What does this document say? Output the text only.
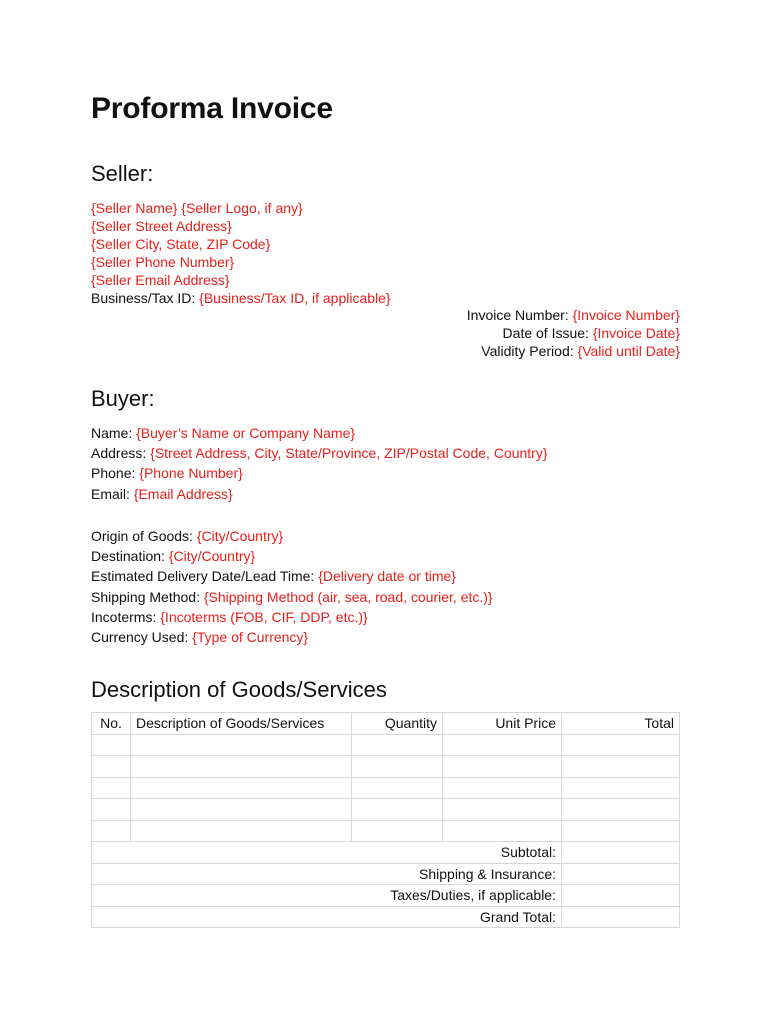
Proforma Invoice
Seller:
{Seller Name} {Seller Logo, if any}
{Seller Street Address}
{Seller City, State, ZIP Code}
{Seller Phone Number}
{Seller Email Address}
Business/Tax ID: {Business/Tax ID, if applicable}
Invoice Number: {Invoice Number}
Date of Issue: {Invoice Date}
Validity Period: {Valid until Date}
Buyer:
Name: {Buyer’s Name or Company Name}
Address: {Street Address, City, State/Province, ZIP/Postal Code, Country}
Phone: {Phone Number}
Email: {Email Address}
Origin of Goods: {City/Country}
Destination: {City/Country}
Estimated Delivery Date/Lead Time: {Delivery date or time}
Shipping Method: {Shipping Method (air, sea, road, courier, etc.)}
Incoterms: {Incoterms (FOB, CIF, DDP, etc.)}
Currency Used: {Type of Currency}
Description of Goods/Services
No.	Description of Goods/Services	Quantity	Unit Price	Total

Subtotal:				
Shipping & Insurance:				
Taxes/Duties, if applicable:				
Grand Total:				
